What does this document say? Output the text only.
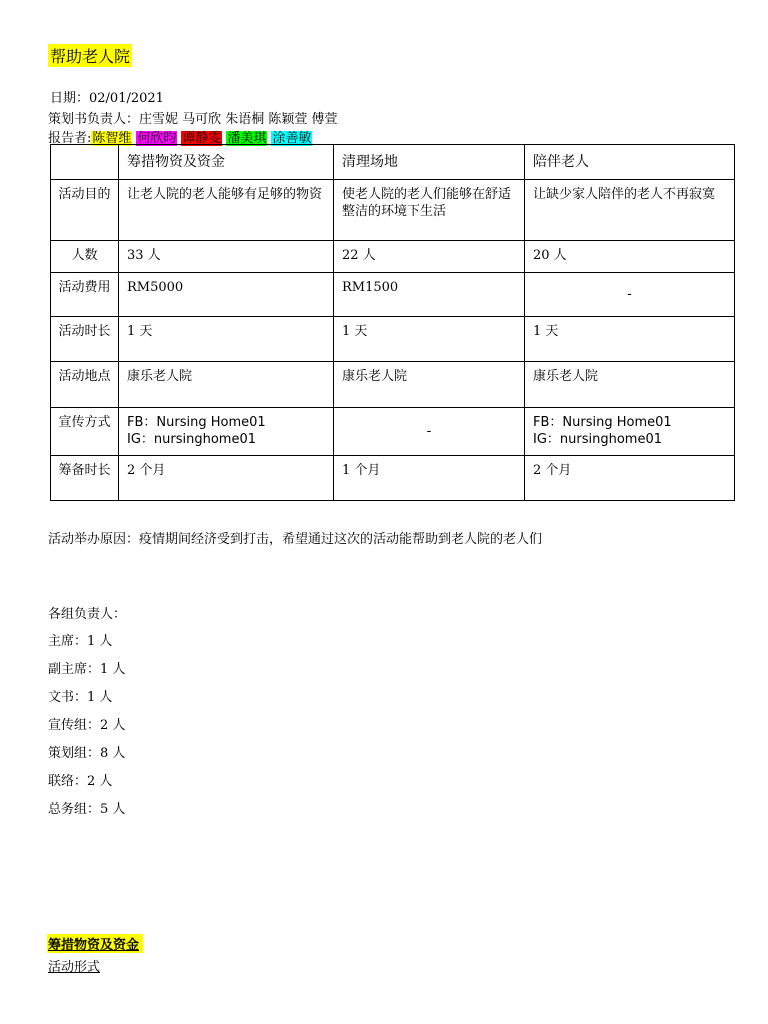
帮助老人院
日期：02/01/2021
策划书负责人：庄雪妮 马可欣 朱语桐 陈颖萱 傅萱
报告者:陈智维 何欣昀 谭静雯 潘美琪 涂善敏
	筹措物资及资金	清理场地	陪伴老人
活动目的	让老人院的老人能够有足够的物资	使老人院的老人们能够在舒适整洁的环境下生活	让缺少家人陪伴的老人不再寂寞
人数	33 人	22 人	20 人
活动费用	RM5000	RM1500	-
活动时长	1 天	1 天	1 天
活动地点	康乐老人院	康乐老人院	康乐老人院
宣传方式	FB：Nursing Home01
IG：nursinghome01	-	FB：Nursing Home01
IG：nursinghome01
筹备时长	2 个月	1 个月	2 个月
活动举办原因：疫情期间经济受到打击，希望通过这次的活动能帮助到老人院的老人们
各组负责人：
主席：1 人
副主席：1 人
文书：1 人
宣传组：2 人
策划组：8 人
联络：2 人
总务组：5 人
筹措物资及资金
活动形式
